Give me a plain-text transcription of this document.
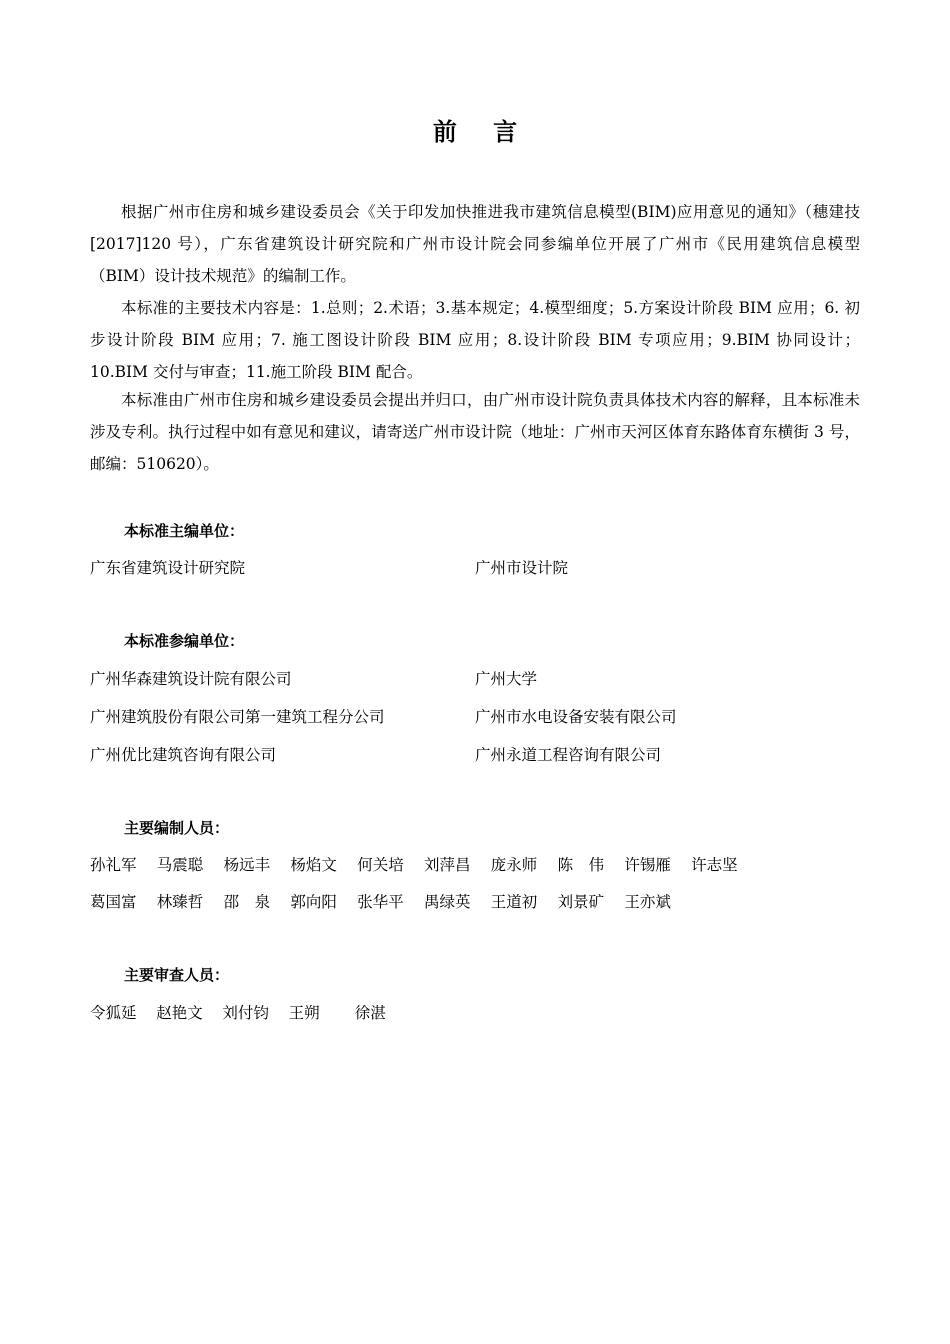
前 言

根据广州市住房和城乡建设委员会《关于印发加快推进我市建筑信息模型(BIM)应用意见的通知》（穗建技[2017]120 号），广东省建筑设计研究院和广州市设计院会同参编单位开展了广州市《民用建筑信息模型（BIM）设计技术规范》的编制工作。

本标准的主要技术内容是：1.总则；2.术语；3.基本规定；4.模型细度；5.方案设计阶段 BIM 应用；6. 初步设计阶段 BIM 应用；7. 施工图设计阶段 BIM 应用；8.设计阶段 BIM 专项应用；9.BIM 协同设计；10.BIM 交付与审查；11.施工阶段 BIM 配合。

本标准由广州市住房和城乡建设委员会提出并归口，由广州市设计院负责具体技术内容的解释，且本标准未涉及专利。执行过程中如有意见和建议，请寄送广州市设计院（地址：广州市天河区体育东路体育东横街 3 号，邮编：510620）。

本标准主编单位：
广东省建筑设计研究院	广州市设计院
本标准参编单位：
广州华森建筑设计院有限公司	广州大学
广州建筑股份有限公司第一建筑工程分公司	广州市水电设备安装有限公司
广州优比建筑咨询有限公司	广州永道工程咨询有限公司
主要编制人员：
孙礼军	马震聪	杨远丰	杨焰文	何关培	刘萍昌	庞永师	陈　伟	许锡雁	许志坚
葛国富	林臻哲	邵　泉	郭向阳	张华平	禺绿英	王道初	刘景矿	王亦斌
主要审查人员：
令狐延	赵艳文	刘付钧	王朔	徐湛
